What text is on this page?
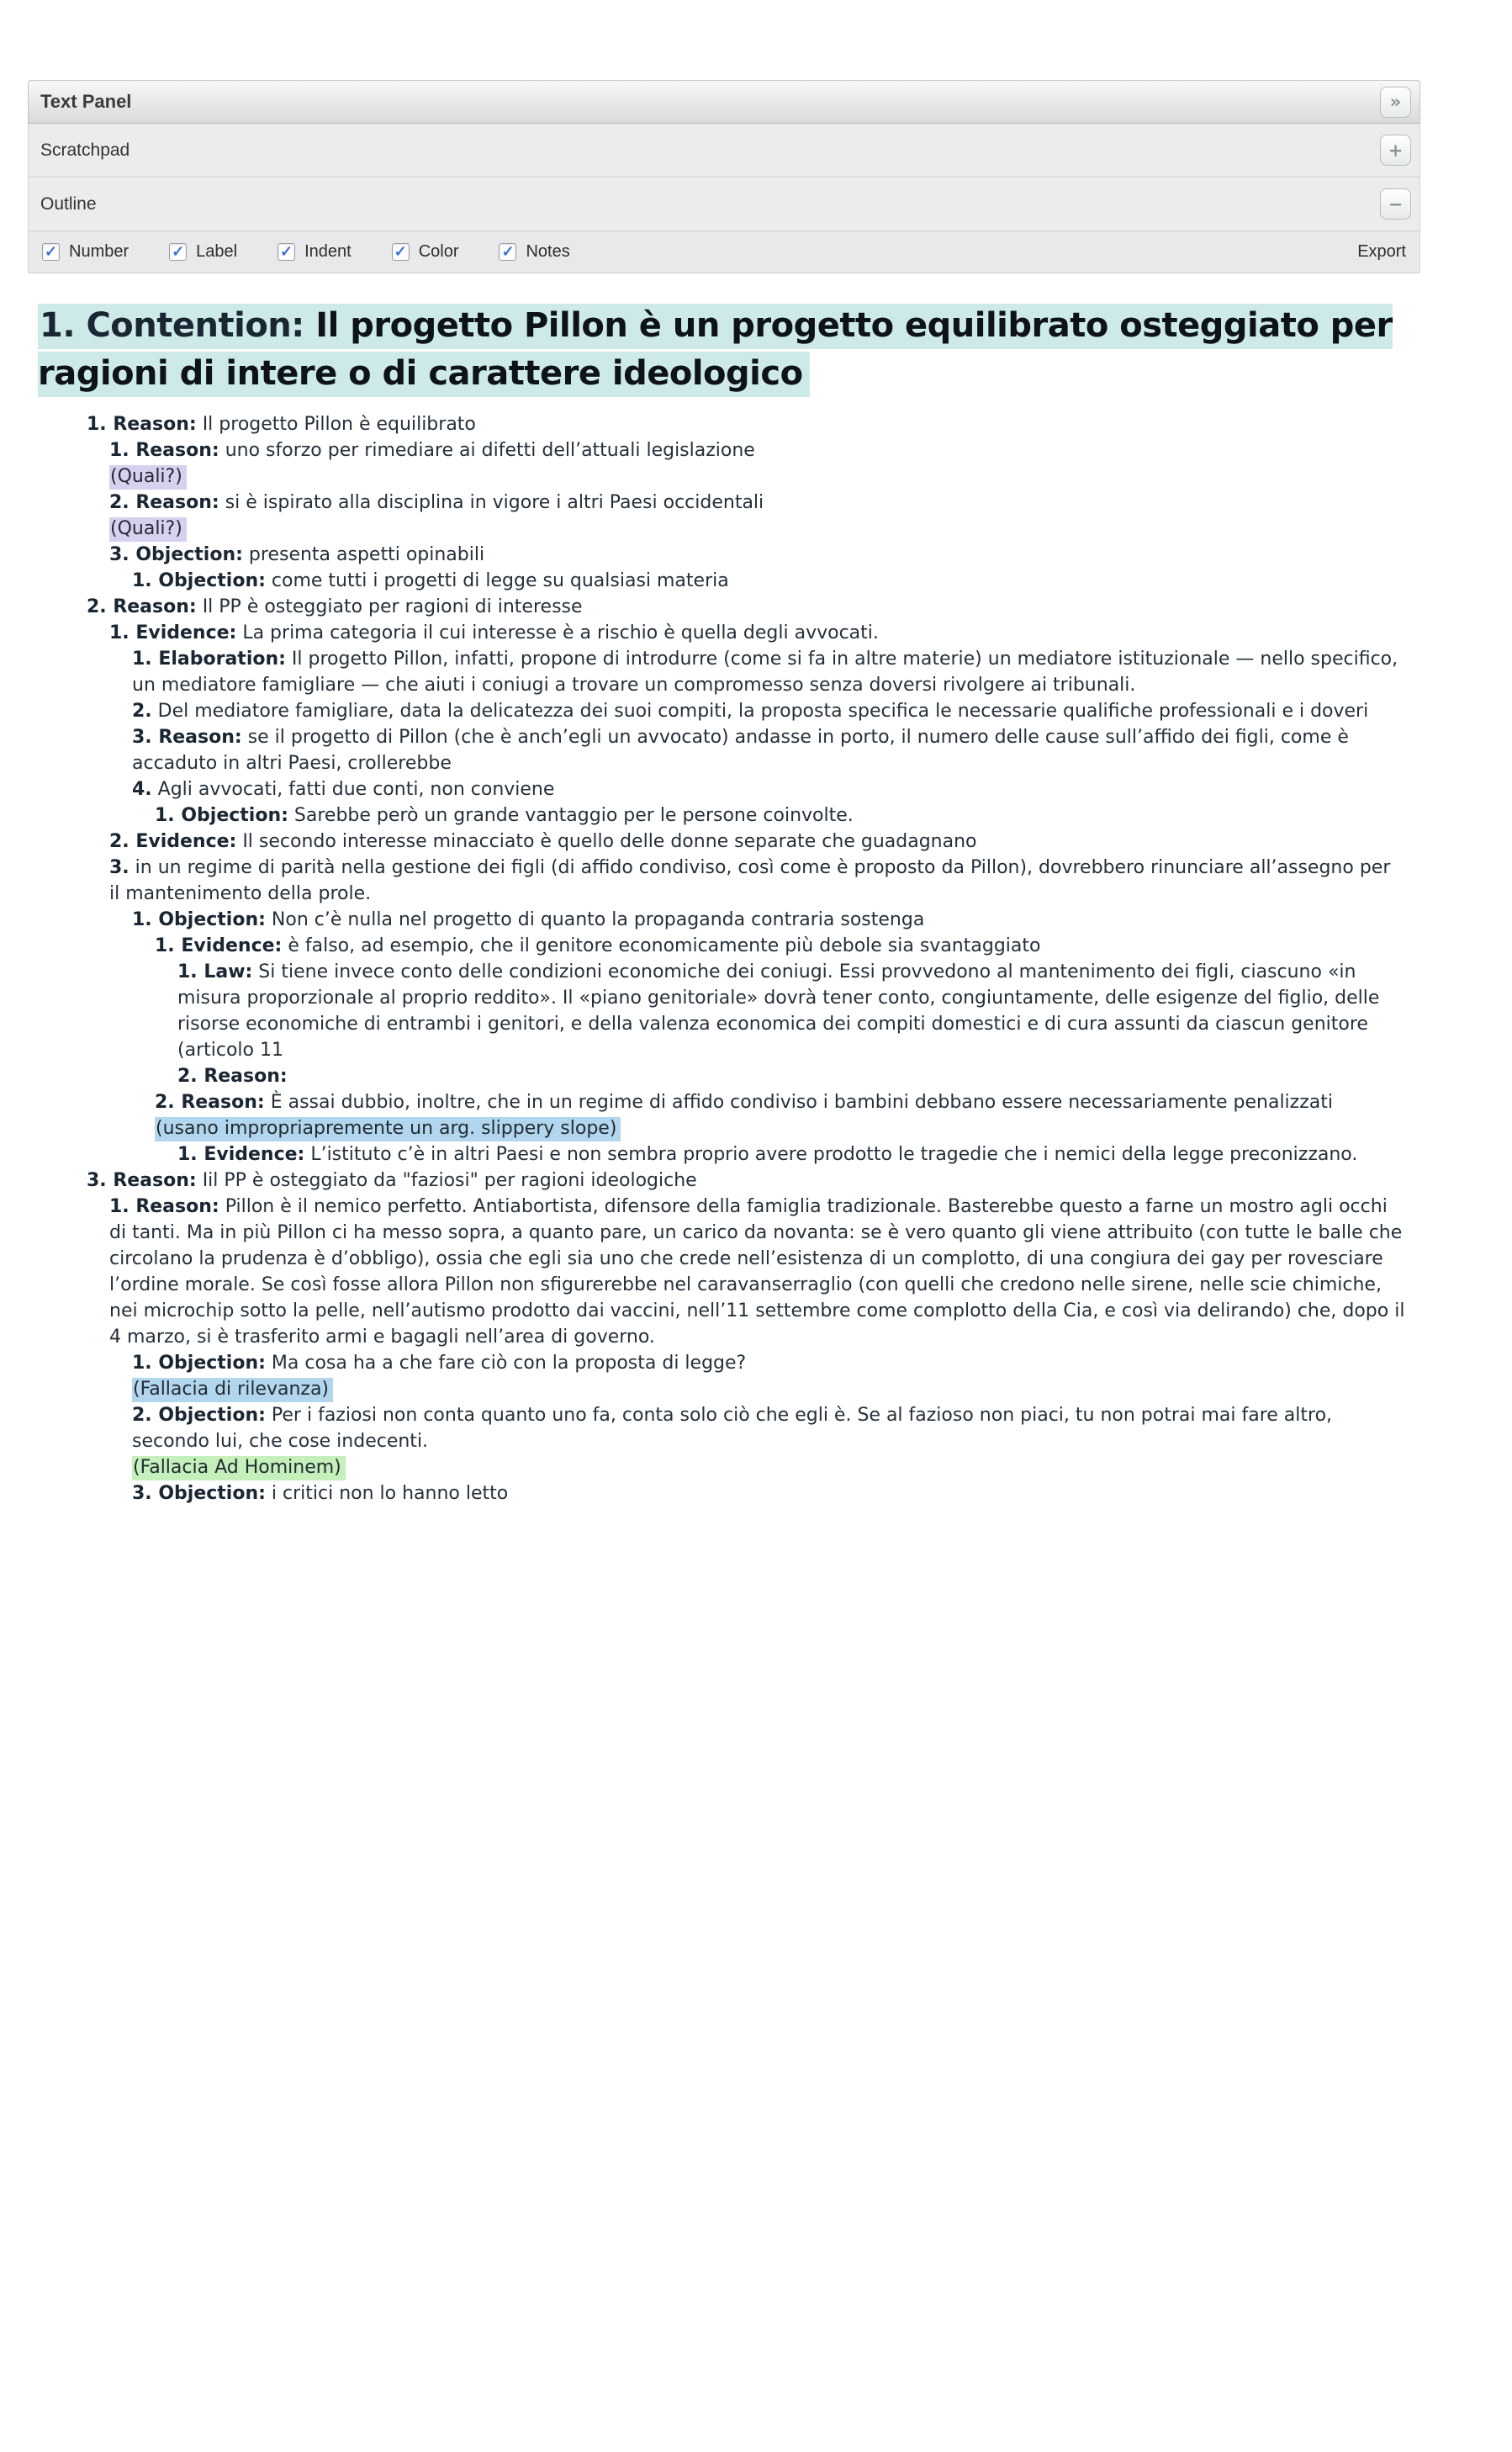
Text Panel	»
Scratchpad	+
Outline	−
✓ Number	✓ Label	✓ Indent	✓ Color	✓ Notes	Export
1. Contention: Il progetto Pillon è un progetto equilibrato osteggiato per ragioni di intere o di carattere ideologico
1. Reason: Il progetto Pillon è equilibrato
1. Reason: uno sforzo per rimediare ai difetti dell’attuali legislazione
(Quali?)
2. Reason: si è ispirato alla disciplina in vigore i altri Paesi occidentali
(Quali?)
3. Objection: presenta aspetti opinabili
1. Objection: come tutti i progetti di legge su qualsiasi materia
2. Reason: Il PP è osteggiato per ragioni di interesse
1. Evidence: La prima categoria il cui interesse è a rischio è quella degli avvocati.
1. Elaboration: Il progetto Pillon, infatti, propone di introdurre (come si fa in altre materie) un mediatore istituzionale — nello specifico, un mediatore famigliare — che aiuti i coniugi a trovare un compromesso senza doversi rivolgere ai tribunali.
2. Del mediatore famigliare, data la delicatezza dei suoi compiti, la proposta specifica le necessarie qualifiche professionali e i doveri
3. Reason: se il progetto di Pillon (che è anch’egli un avvocato) andasse in porto, il numero delle cause sull’affido dei figli, come è accaduto in altri Paesi, crollerebbe
4. Agli avvocati, fatti due conti, non conviene
1. Objection: Sarebbe però un grande vantaggio per le persone coinvolte.
2. Evidence: Il secondo interesse minacciato è quello delle donne separate che guadagnano
3. in un regime di parità nella gestione dei figli (di affido condiviso, così come è proposto da Pillon), dovrebbero rinunciare all’assegno per il mantenimento della prole.
1. Objection: Non c’è nulla nel progetto di quanto la propaganda contraria sostenga
1. Evidence: è falso, ad esempio, che il genitore economicamente più debole sia svantaggiato
1. Law: Si tiene invece conto delle condizioni economiche dei coniugi. Essi provvedono al mantenimento dei figli, ciascuno «in misura proporzionale al proprio reddito». Il «piano genitoriale» dovrà tener conto, congiuntamente, delle esigenze del figlio, delle risorse economiche di entrambi i genitori, e della valenza economica dei compiti domestici e di cura assunti da ciascun genitore (articolo 11
2. Reason:
2. Reason: È assai dubbio, inoltre, che in un regime di affido condiviso i bambini debbano essere necessariamente penalizzati
(usano impropriapremente un arg. slippery slope)
1. Evidence: L’istituto c’è in altri Paesi e non sembra proprio avere prodotto le tragedie che i nemici della legge preconizzano.
3. Reason: Iil PP è osteggiato da "faziosi" per ragioni ideologiche
1. Reason: Pillon è il nemico perfetto. Antiabortista, difensore della famiglia tradizionale. Basterebbe questo a farne un mostro agli occhi di tanti. Ma in più Pillon ci ha messo sopra, a quanto pare, un carico da novanta: se è vero quanto gli viene attribuito (con tutte le balle che circolano la prudenza è d’obbligo), ossia che egli sia uno che crede nell’esistenza di un complotto, di una congiura dei gay per rovesciare l’ordine morale. Se così fosse allora Pillon non sfigurerebbe nel caravanserraglio (con quelli che credono nelle sirene, nelle scie chimiche, nei microchip sotto la pelle, nell’autismo prodotto dai vaccini, nell’11 settembre come complotto della Cia, e così via delirando) che, dopo il 4 marzo, si è trasferito armi e bagagli nell’area di governo.
1. Objection: Ma cosa ha a che fare ciò con la proposta di legge?
(Fallacia di rilevanza)
2. Objection: Per i faziosi non conta quanto uno fa, conta solo ciò che egli è. Se al fazioso non piaci, tu non potrai mai fare altro, secondo lui, che cose indecenti.
(Fallacia Ad Hominem)
3. Objection: i critici non lo hanno letto
